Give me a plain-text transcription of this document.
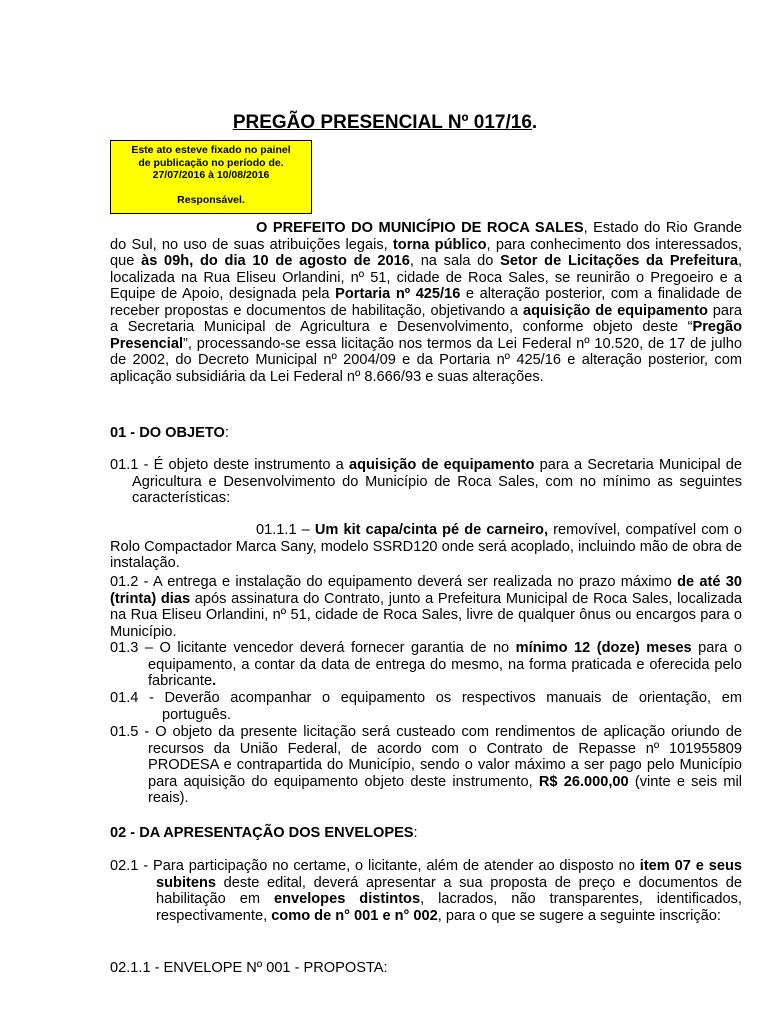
PREGÃO PRESENCIAL Nº 017/16.
Este ato esteve fixado no painel
de publicação no período de.
27/07/2016 à 10/08/2016
Responsável.
O PREFEITO DO MUNICÍPIO DE ROCA SALES, Estado do Rio Grande do Sul, no uso de suas atribuições legais, torna público, para conhecimento dos interessados, que às 09h, do dia 10 de agosto de 2016, na sala do Setor de Licitações da Prefeitura, localizada na Rua Eliseu Orlandini, nº 51, cidade de Roca Sales, se reunirão o Pregoeiro e a Equipe de Apoio, designada pela Portaria nº 425/16 e alteração posterior, com a finalidade de receber propostas e documentos de habilitação, objetivando a aquisição de equipamento para a Secretaria Municipal de Agricultura e Desenvolvimento, conforme objeto deste “Pregão Presencial”, processando-se essa licitação nos termos da Lei Federal nº 10.520, de 17 de julho de 2002, do Decreto Municipal nº 2004/09 e da Portaria nº 425/16 e alteração posterior, com aplicação subsidiária da Lei Federal nº 8.666/93 e suas alterações.
01 - DO OBJETO:
01.1 - É objeto deste instrumento a aquisição de equipamento para a Secretaria Municipal de Agricultura e Desenvolvimento do Município de Roca Sales, com no mínimo as seguintes características:
01.1.1 – Um kit capa/cinta pé de carneiro, removível, compatível com o Rolo Compactador Marca Sany, modelo SSRD120 onde será acoplado, incluindo mão de obra de instalação.
01.2 - A entrega e instalação do equipamento deverá ser realizada no prazo máximo de até 30 (trinta) dias após assinatura do Contrato, junto a Prefeitura Municipal de Roca Sales, localizada na Rua Eliseu Orlandini, nº 51, cidade de Roca Sales, livre de qualquer ônus ou encargos para o Município.
01.3 – O licitante vencedor deverá fornecer garantia de no mínimo 12 (doze) meses para o equipamento, a contar da data de entrega do mesmo, na forma praticada e oferecida pelo fabricante.
01.4 - Deverão acompanhar o equipamento os respectivos manuais de orientação, em português.
01.5 - O objeto da presente licitação será custeado com rendimentos de aplicação oriundo de recursos da União Federal, de acordo com o Contrato de Repasse nº 101955809 PRODESA e contrapartida do Município, sendo o valor máximo a ser pago pelo Município para aquisição do equipamento objeto deste instrumento, R$ 26.000,00 (vinte e seis mil reais).
02 - DA APRESENTAÇÃO DOS ENVELOPES:
02.1 - Para participação no certame, o licitante, além de atender ao disposto no item 07 e seus subitens deste edital, deverá apresentar a sua proposta de preço e documentos de habilitação em envelopes distintos, lacrados, não transparentes, identificados, respectivamente, como de n° 001 e n° 002, para o que se sugere a seguinte inscrição:
02.1.1 - ENVELOPE Nº 001 - PROPOSTA:
